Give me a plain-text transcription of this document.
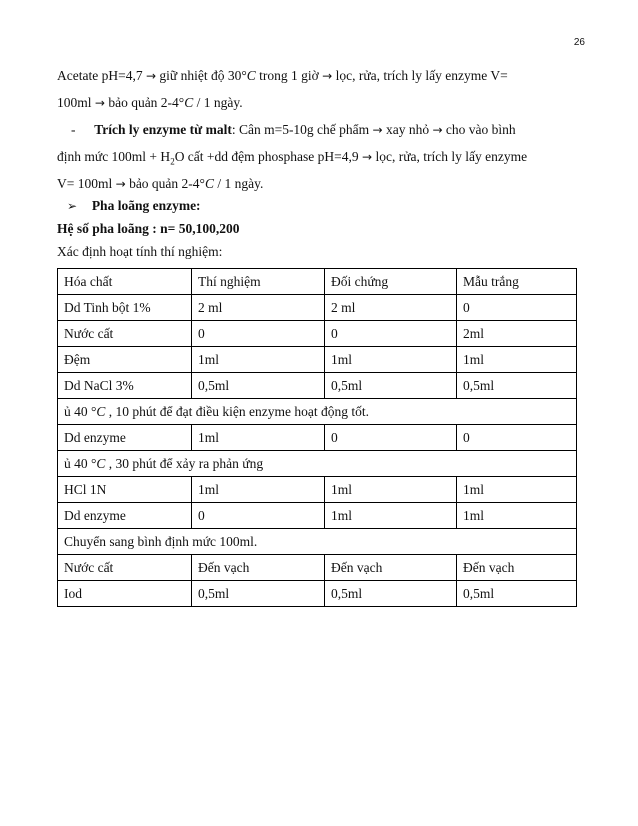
26
Acetate pH=4,7 → giữ nhiệt độ 30°C trong 1 giờ → lọc, rửa, trích ly lấy enzyme V=
100ml → bảo quản 2-4°C / 1 ngày.
- Trích ly enzyme từ malt: Cân m=5-10g chế phẩm → xay nhỏ → cho vào bình
định mức $100ml + H_2O$ cất +dd đệm phosphase pH=4,9 → lọc, rửa, trích ly lấy enzyme
V= 100ml → bảo quản 2-4°C / 1 ngày.
➢ Pha loãng enzyme:
Hệ số pha loãng : n= 50,100,200
Xác định hoạt tính thí nghiệm:
Hóa chất	Thí nghiệm	Đối chứng	Mẫu trắng
Dd Tinh bột 1%	2 ml	2 ml	0
Nước cất	0	0	2ml
Đệm	1ml	1ml	1ml
Dd NaCl 3%	0,5ml	0,5ml	0,5ml
ủ 40 °C , 10 phút để đạt điều kiện enzyme hoạt động tốt.			
Dd enzyme	1ml	0	0
ủ 40 °C , 30 phút để xảy ra phản ứng			
HCl 1N	1ml	1ml	1ml
Dd enzyme	0	1ml	1ml
Chuyển sang bình định mức 100ml.			
Nước cất	Đến vạch	Đến vạch	Đến vạch
Iod	0,5ml	0,5ml	0,5ml
